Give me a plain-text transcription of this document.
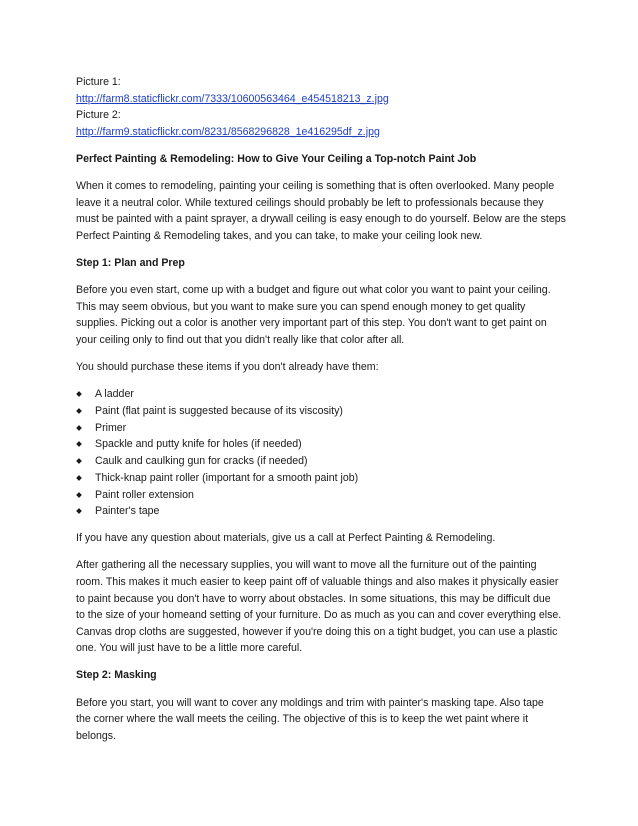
Picture 1:
http://farm8.staticflickr.com/7333/10600563464_e454518213_z.jpg
Picture 2:
http://farm9.staticflickr.com/8231/8568296828_1e416295df_z.jpg
Perfect Painting & Remodeling: How to Give Your Ceiling a Top-notch Paint Job
When it comes to remodeling, painting your ceiling is something that is often overlooked. Many people
leave it a neutral color. While textured ceilings should probably be left to professionals because they
must be painted with a paint sprayer, a drywall ceiling is easy enough to do yourself. Below are the steps
Perfect Painting & Remodeling takes, and you can take, to make your ceiling look new.
Step 1: Plan and Prep
Before you even start, come up with a budget and figure out what color you want to paint your ceiling.
This may seem obvious, but you want to make sure you can spend enough money to get quality
supplies. Picking out a color is another very important part of this step. You don't want to get paint on
your ceiling only to find out that you didn't really like that color after all.
You should purchase these items if you don't already have them:
A ladder
Paint (flat paint is suggested because of its viscosity)
Primer
Spackle and putty knife for holes (if needed)
Caulk and caulking gun for cracks (if needed)
Thick-knap paint roller (important for a smooth paint job)
Paint roller extension
Painter's tape
If you have any question about materials, give us a call at Perfect Painting & Remodeling.
After gathering all the necessary supplies, you will want to move all the furniture out of the painting
room. This makes it much easier to keep paint off of valuable things and also makes it physically easier
to paint because you don't have to worry about obstacles. In some situations, this may be difficult due
to the size of your homeand setting of your furniture. Do as much as you can and cover everything else.
Canvas drop cloths are suggested, however if you're doing this on a tight budget, you can use a plastic
one. You will just have to be a little more careful.
Step 2: Masking
Before you start, you will want to cover any moldings and trim with painter's masking tape. Also tape
the corner where the wall meets the ceiling. The objective of this is to keep the wet paint where it
belongs.
